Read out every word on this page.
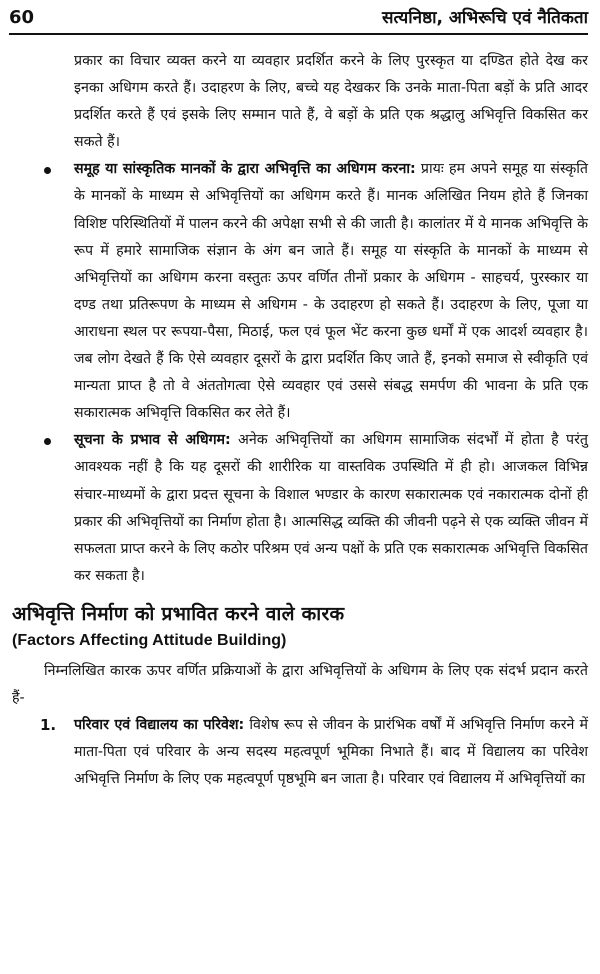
60	सत्यनिष्ठा, अभिरूचि एवं नैतिकता

प्रकार का विचार व्यक्त करने या व्यवहार प्रदर्शित करने के लिए पुरस्कृत या दण्डित होते देख कर इनका अधिगम करते हैं। उदाहरण के लिए, बच्चे यह देखकर कि उनके माता-पिता बड़ों के प्रति आदर प्रदर्शित करते हैं एवं इसके लिए सम्मान पाते हैं, वे बड़ों के प्रति एक श्रद्धालु अभिवृत्ति विकसित कर सकते हैं।

समूह या सांस्कृतिक मानकों के द्वारा अभिवृत्ति का अधिगम करना: प्रायः हम अपने समूह या संस्कृति के मानकों के माध्यम से अभिवृत्तियों का अधिगम करते हैं। मानक अलिखित नियम होते हैं जिनका विशिष्ट परिस्थितियों में पालन करने की अपेक्षा सभी से की जाती है। कालांतर में ये मानक अभिवृत्ति के रूप में हमारे सामाजिक संज्ञान के अंग बन जाते हैं। समूह या संस्कृति के मानकों के माध्यम से अभिवृत्तियों का अधिगम करना वस्तुतः ऊपर वर्णित तीनों प्रकार के अधिगम - साहचर्य, पुरस्कार या दण्ड तथा प्रतिरूपण के माध्यम से अधिगम - के उदाहरण हो सकते हैं। उदाहरण के लिए, पूजा या आराधना स्थल पर रूपया-पैसा, मिठाई, फल एवं फूल भेंट करना कुछ धर्मों में एक आदर्श व्यवहार है। जब लोग देखते हैं कि ऐसे व्यवहार दूसरों के द्वारा प्रदर्शित किए जाते हैं, इनको समाज से स्वीकृति एवं मान्यता प्राप्त है तो वे अंततोगत्वा ऐसे व्यवहार एवं उससे संबद्ध समर्पण की भावना के प्रति एक सकारात्मक अभिवृत्ति विकसित कर लेते हैं।
सूचना के प्रभाव से अधिगम: अनेक अभिवृत्तियों का अधिगम सामाजिक संदर्भों में होता है परंतु आवश्यक नहीं है कि यह दूसरों की शारीरिक या वास्तविक उपस्थिति में ही हो। आजकल विभिन्न संचार-माध्यमों के द्वारा प्रदत्त सूचना के विशाल भण्डार के कारण सकारात्मक एवं नकारात्मक दोनों ही प्रकार की अभिवृत्तियों का निर्माण होता है। आत्मसिद्ध व्यक्ति की जीवनी पढ़ने से एक व्यक्ति जीवन में सफलता प्राप्त करने के लिए कठोर परिश्रम एवं अन्य पक्षों के प्रति एक सकारात्मक अभिवृत्ति विकसित कर सकता है।
अभिवृत्ति निर्माण को प्रभावित करने वाले कारक
(Factors Affecting Attitude Building)

निम्नलिखित कारक ऊपर वर्णित प्रक्रियाओं के द्वारा अभिवृत्तियों के अधिगम के लिए एक संदर्भ प्रदान करते हैं-

1. परिवार एवं विद्यालय का परिवेश: विशेष रूप से जीवन के प्रारंभिक वर्षों में अभिवृत्ति निर्माण करने में माता-पिता एवं परिवार के अन्य सदस्य महत्वपूर्ण भूमिका निभाते हैं। बाद में विद्यालय का परिवेश अभिवृत्ति निर्माण के लिए एक महत्वपूर्ण पृष्ठभूमि बन जाता है। परिवार एवं विद्यालय में अभिवृत्तियों का
